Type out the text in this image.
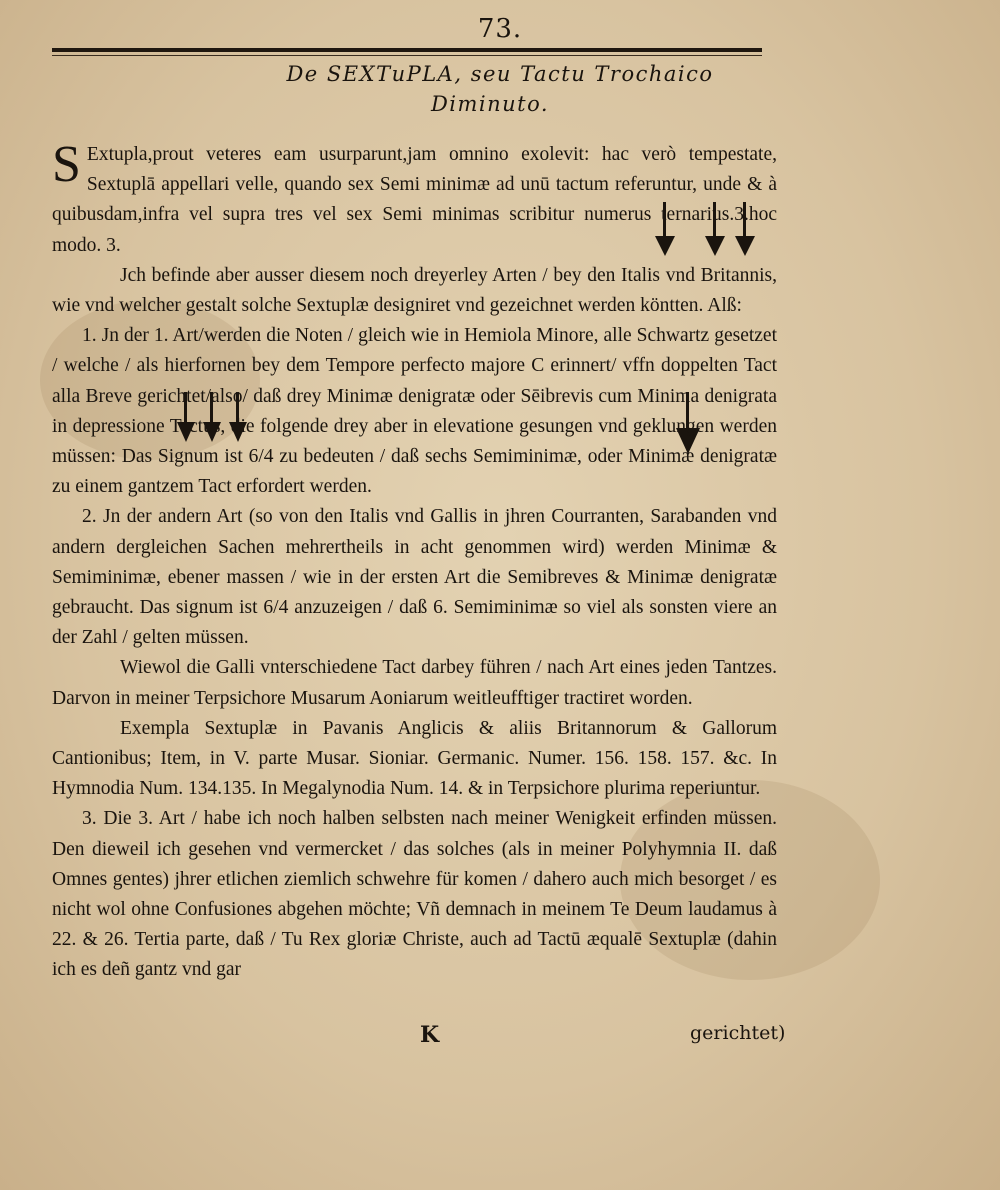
73.
De SEXTuPLA, seu Tactu Trochaico
Diminuto.

S Extupla,prout veteres eam usurparunt,jam omnino exolevit: hac verò tempestate, Sextuplā appellari velle, quando sex Semi minimæ ad unū tactum referuntur, unde & à quibusdam,infra vel supra tres vel sex Semi minimas scribitur numerus ternarius.3.hoc modo. 3.

Jch befinde aber ausser diesem noch dreyerley Arten / bey den Italis vnd Britannis, wie vnd welcher gestalt solche Sextuplæ designiret vnd gezeichnet werden köntten. Alß:

1. Jn der 1. Art/werden die Noten / gleich wie in Hemiola Minore, alle Schwartz gesetzet / welche / als hierfornen bey dem Tempore perfecto majore C erinnert/ vffn doppelten Tact alla Breve gerichtet/also/ daß drey Minimæ denigratæ oder Sēibrevis cum Minima denigrata in depressione Tactus, die folgende drey aber in elevatione gesungen vnd geklungen werden müssen: Das Signum ist 6/4 zu bedeuten / daß sechs Semiminimæ, oder Minimæ denigratæ zu einem gantzem Tact erfordert werden.

2. Jn der andern Art (so von den Italis vnd Gallis in jhren Courranten, Sarabanden vnd andern dergleichen Sachen mehrertheils in acht genommen wird) werden Minimæ & Semiminimæ, ebener massen / wie in der ersten Art die Semibreves & Minimæ denigratæ gebraucht. Das signum ist 6/4 anzuzeigen / daß 6. Semiminimæ so viel als sonsten viere an der Zahl / gelten müssen.

Wiewol die Galli vnterschiedene Tact darbey führen / nach Art eines jeden Tantzes. Darvon in meiner Terpsichore Musarum Aoniarum weitleufftiger tractiret worden.

Exempla Sextuplæ in Pavanis Anglicis & aliis Britannorum & Gallorum Cantionibus; Item, in V. parte Musar. Sioniar. Germanic. Numer. 156. 158. 157. &c. In Hymnodia Num. 134.135. In Megalynodia Num. 14. & in Terpsichore plurima reperiuntur.

3. Die 3. Art / habe ich noch halben selbsten nach meiner Wenigkeit erfinden müssen. Den dieweil ich gesehen vnd vermercket / das solches (als in meiner Polyhymnia II. daß Omnes gentes) jhrer etlichen ziemlich schwehre für komen / dahero auch mich besorget / es nicht wol ohne Confusiones abgehen möchte; Vñ demnach in meinem Te Deum laudamus à 22. & 26. Tertia parte, daß / Tu Rex gloriæ Christe, auch ad Tactū æqualē Sextuplæ (dahin ich es deñ gantz vnd gar

K	gerichtet)
